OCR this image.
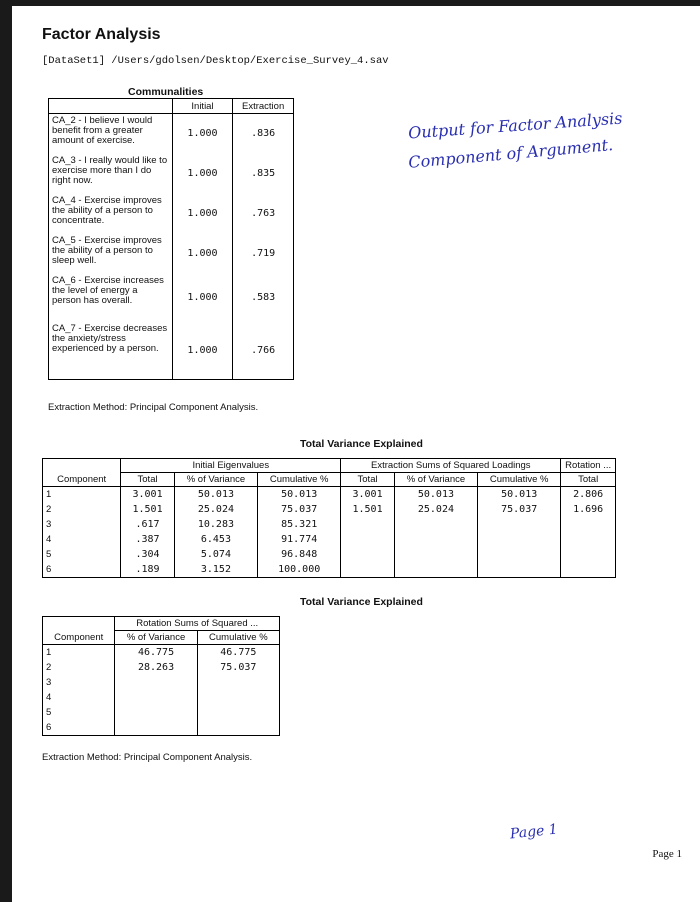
Factor Analysis
[DataSet1] /Users/gdolsen/Desktop/Exercise_Survey_4.sav
Communalities
	Initial	Extraction
CA_2 - I believe I would benefit from a greater amount of exercise.	1.000	.836
CA_3 - I really would like to exercise more than I do right now.	1.000	.835
CA_4 - Exercise improves the ability of a person to concentrate.	1.000	.763
CA_5 - Exercise improves the ability of a person to sleep well.	1.000	.719
CA_6 - Exercise increases the level of energy a person has overall.	1.000	.583
CA_7 - Exercise decreases the anxiety/stress experienced by a person.	1.000	.766
Extraction Method: Principal Component Analysis.
Output for Factor Analysis
Component of Argument.
Total Variance Explained
	Initial Eigenvalues			Extraction Sums of Squared Loadings			Rotation ...
Component	Total	% of Variance	Cumulative %	Total	% of Variance	Cumulative %	Total
1	3.001	50.013	50.013	3.001	50.013	50.013	2.806
2	1.501	25.024	75.037	1.501	25.024	75.037	1.696
3	.617	10.283	85.321				
4	.387	6.453	91.774				
5	.304	5.074	96.848				
6	.189	3.152	100.000				
Total Variance Explained
	Rotation Sums of Squared ...	
Component	% of Variance	Cumulative %
1	46.775	46.775
2	28.263	75.037
3		
4		
5		
6		
Extraction Method: Principal Component Analysis.
Page 1
Page 1
